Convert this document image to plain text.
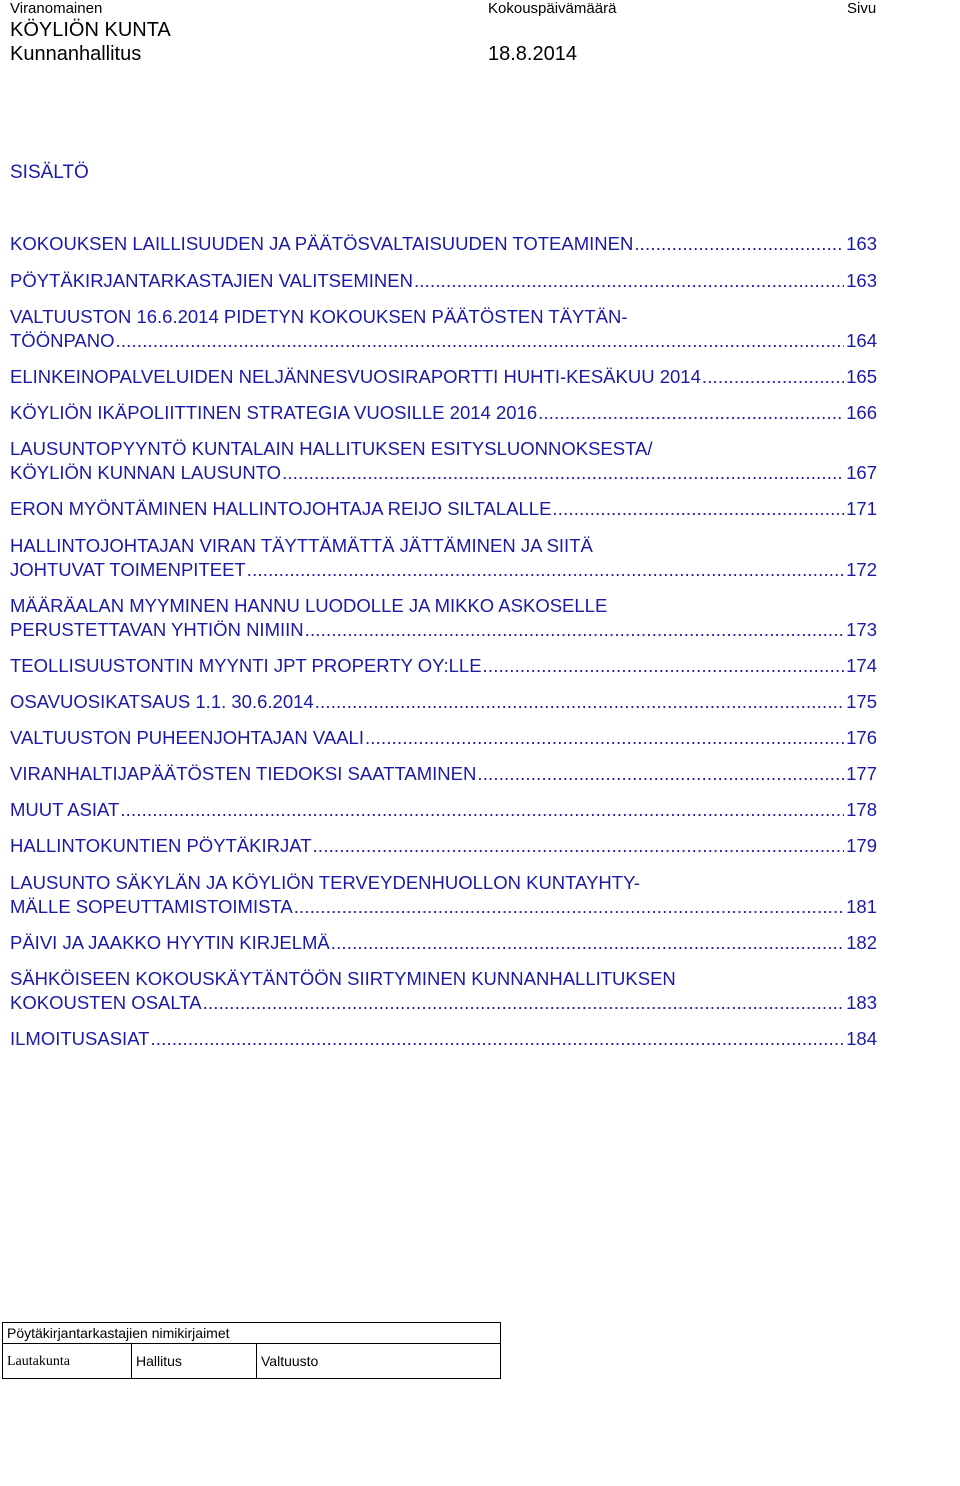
Viranomainen	Kokouspäivämäärä	Sivu
KÖYLIÖN KUNTA
Kunnanhallitus	18.8.2014
SISÄLTÖ
KOKOUKSEN LAILLISUUDEN JA PÄÄTÖSVALTAISUUDEN TOTEAMINEN .....	163
PÖYTÄKIRJANTARKASTAJIEN VALITSEMINEN .....	163
VALTUUSTON 16.6.2014 PIDETYN KOKOUKSEN PÄÄTÖSTEN TÄYTÄN-
TÖÖNPANO .....	164
ELINKEINOPALVELUIDEN NELJÄNNESVUOSIRAPORTTI HUHTI-KESÄKUU 2014 .....	165
KÖYLIÖN IKÄPOLIITTINEN STRATEGIA VUOSILLE 2014 2016 .....	166
LAUSUNTOPYYNTÖ KUNTALAIN HALLITUKSEN ESITYSLUONNOKSESTA/
KÖYLIÖN KUNNAN LAUSUNTO .....	167
ERON MYÖNTÄMINEN HALLINTOJOHTAJA REIJO SILTALALLE .....	171
HALLINTOJOHTAJAN VIRAN TÄYTTÄMÄTTÄ JÄTTÄMINEN JA SIITÄ
JOHTUVAT TOIMENPITEET .....	172
MÄÄRÄALAN MYYMINEN HANNU LUODOLLE JA MIKKO ASKOSELLE
PERUSTETTAVAN YHTIÖN NIMIIN .....	173
TEOLLISUUSTONTIN MYYNTI JPT PROPERTY OY:LLE .....	174
OSAVUOSIKATSAUS 1.1. 30.6.2014 .....	175
VALTUUSTON PUHEENJOHTAJAN VAALI .....	176
VIRANHALTIJAPÄÄTÖSTEN TIEDOKSI SAATTAMINEN .....	177
MUUT ASIAT .....	178
HALLINTOKUNTIEN PÖYTÄKIRJAT .....	179
LAUSUNTO SÄKYLÄN JA KÖYLIÖN TERVEYDENHUOLLON KUNTAYHTY-
MÄLLE SOPEUTTAMISTOIMISTA .....	181
PÄIVI JA JAAKKO HYYTIN KIRJELMÄ .....	182
SÄHKÖISEEN KOKOUSKÄYTÄNTÖÖN SIIRTYMINEN KUNNANHALLITUKSEN
KOKOUSTEN OSALTA .....	183
ILMOITUSASIAT .....	184
Pöytäkirjantarkastajien nimikirjaimet
Lautakunta	Hallitus	Valtuusto
